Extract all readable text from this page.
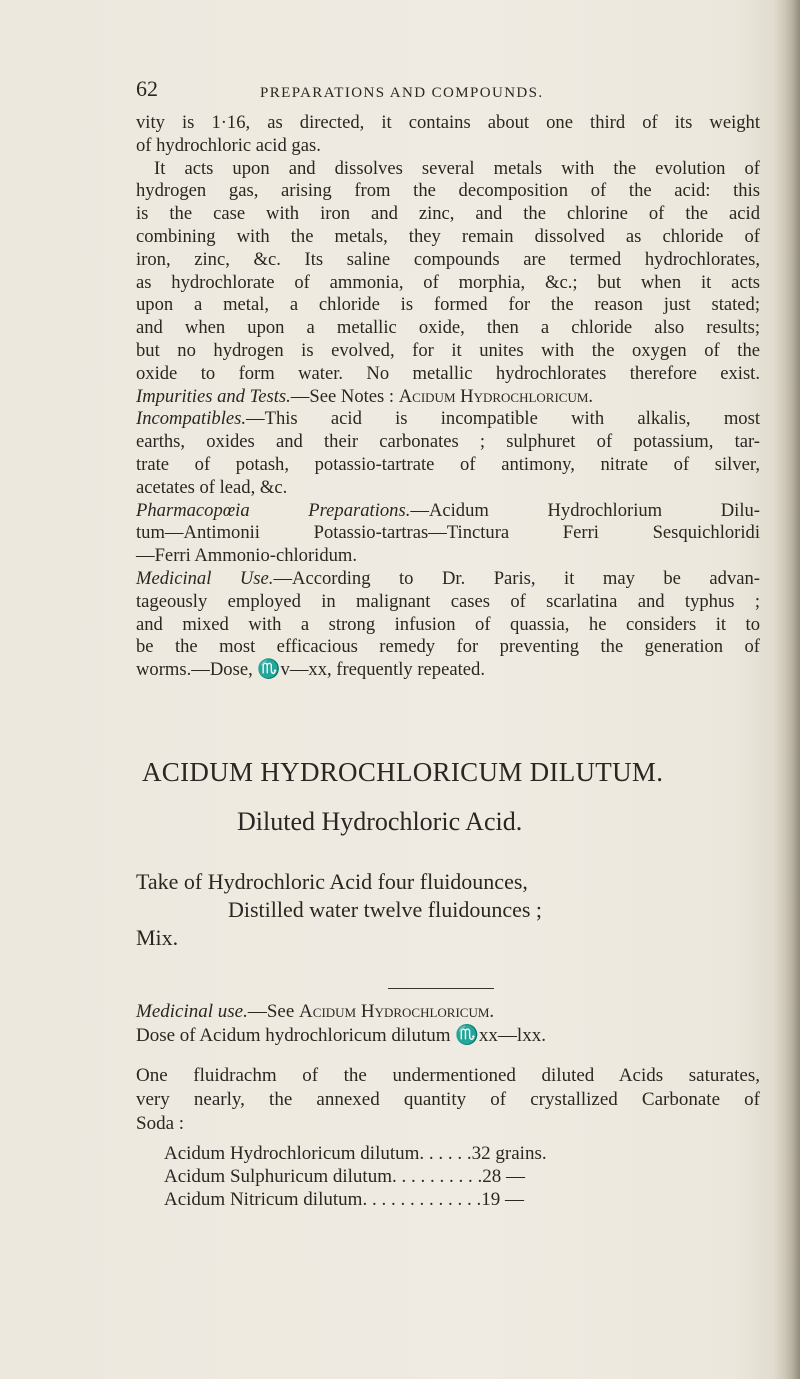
62	PREPARATIONS AND COMPOUNDS.
vity is 1·16, as directed, it contains about one third of its weight
of hydrochloric acid gas.
It acts upon and dissolves several metals with the evolution of
hydrogen gas, arising from the decomposition of the acid: this
is the case with iron and zinc, and the chlorine of the acid
combining with the metals, they remain dissolved as chloride of
iron, zinc, &c. Its saline compounds are termed hydrochlorates,
as hydrochlorate of ammonia, of morphia, &c.; but when it acts
upon a metal, a chloride is formed for the reason just stated;
and when upon a metallic oxide, then a chloride also results;
but no hydrogen is evolved, for it unites with the oxygen of the
oxide to form water. No metallic hydrochlorates therefore exist.
Impurities and Tests.—See Notes : Acidum Hydrochloricum.
Incompatibles.—This acid is incompatible with alkalis, most
earths, oxides and their carbonates ; sulphuret of potassium, tar-
trate of potash, potassio-tartrate of antimony, nitrate of silver,
acetates of lead, &c.
Pharmacopœia Preparations.—Acidum Hydrochlorium Dilu-
tum—Antimonii Potassio-tartras—Tinctura Ferri Sesquichloridi
—Ferri Ammonio-chloridum.
Medicinal Use.—According to Dr. Paris, it may be advan-
tageously employed in malignant cases of scarlatina and typhus ;
and mixed with a strong infusion of quassia, he considers it to
be the most efficacious remedy for preventing the generation of
worms.—Dose, ♏v—xx, frequently repeated.
ACIDUM HYDROCHLORICUM DILUTUM.
Diluted Hydrochloric Acid.
Take of Hydrochloric Acid four fluidounces,
Distilled water twelve fluidounces ;
Mix.
Medicinal use.—See Acidum Hydrochloricum.
Dose of Acidum hydrochloricum dilutum ♏xx—lxx.
One fluidrachm of the undermentioned diluted Acids saturates,
very nearly, the annexed quantity of crystallized Carbonate of
Soda :
Acidum Hydrochloricum dilutum . . . . . . 32 grains.
Acidum Sulphuricum dilutum . . . . . . . . . . 28 —
Acidum Nitricum dilutum . . . . . . . . . . . . . 19 —
